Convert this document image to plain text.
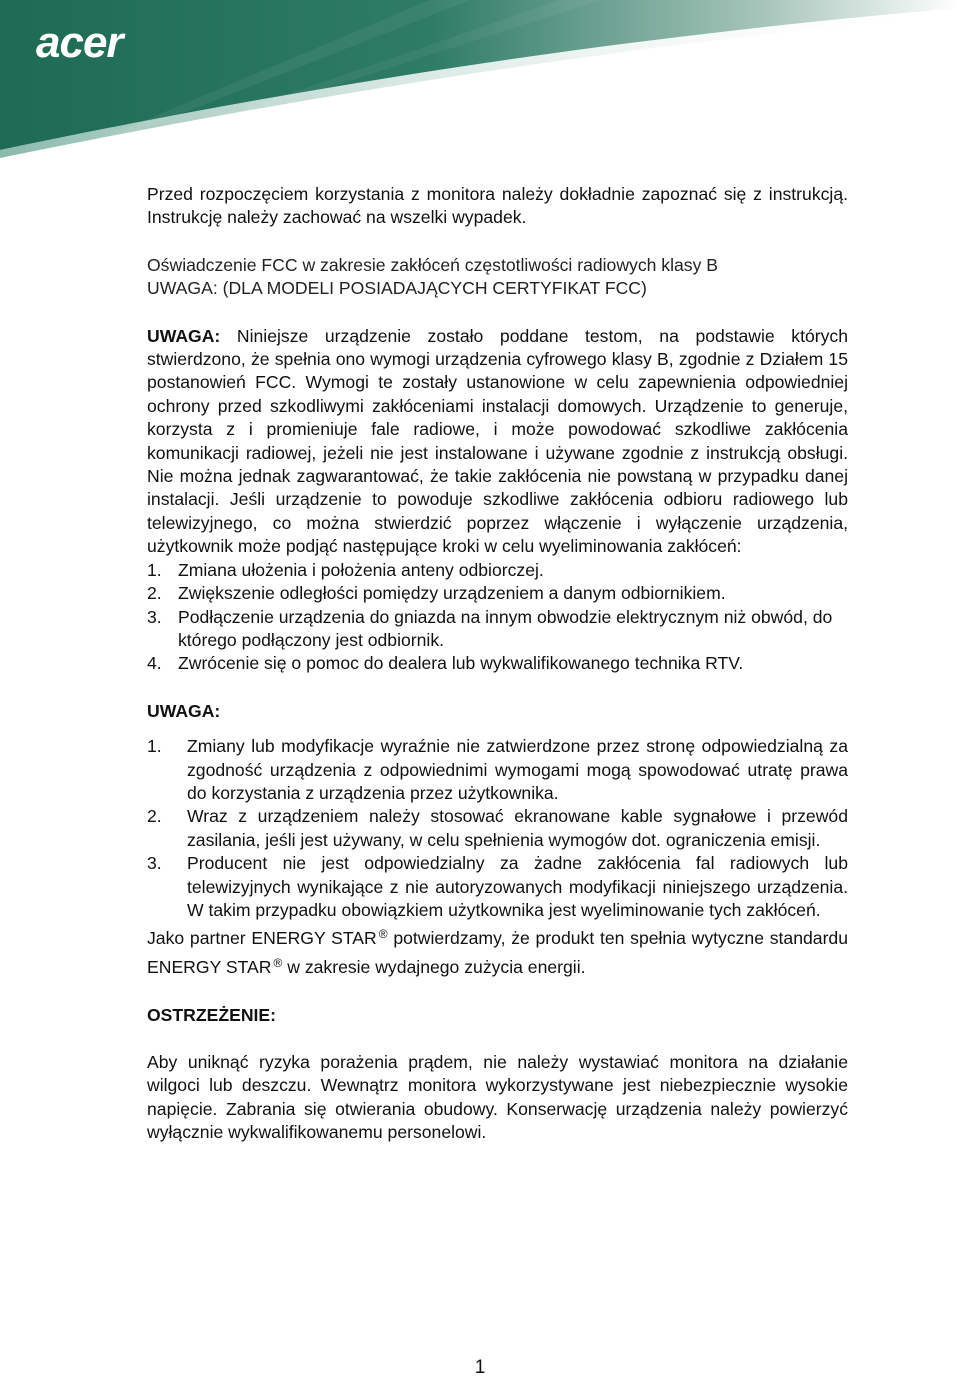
acer

Przed rozpoczęciem korzystania z monitora należy dokładnie zapoznać się z instrukcją. Instrukcję należy zachować na wszelki wypadek.

Oświadczenie FCC w zakresie zakłóceń częstotliwości radiowych klasy B

UWAGA: (DLA MODELI POSIADAJĄCYCH CERTYFIKAT FCC)

UWAGA: Niniejsze urządzenie zostało poddane testom, na podstawie których stwierdzono, że spełnia ono wymogi urządzenia cyfrowego klasy B, zgodnie z Działem 15 postanowień FCC. Wymogi te zostały ustanowione w celu zapewnienia odpowiedniej ochrony przed szkodliwymi zakłóceniami instalacji domowych. Urządzenie to generuje, korzysta z i promieniuje fale radiowe, i może powodować szkodliwe zakłócenia komunikacji radiowej, jeżeli nie jest instalowane i używane zgodnie z instrukcją obsługi. Nie można jednak zagwarantować, że takie zakłócenia nie powstaną w przypadku danej instalacji. Jeśli urządzenie to powoduje szkodliwe zakłócenia odbioru radiowego lub telewizyjnego, co można stwierdzić poprzez włączenie i wyłączenie urządzenia, użytkownik może podjąć następujące kroki w celu wyeliminowania zakłóceń:

1. Zmiana ułożenia i położenia anteny odbiorczej.
2. Zwiększenie odległości pomiędzy urządzeniem a danym odbiornikiem.
3. Podłączenie urządzenia do gniazda na innym obwodzie elektrycznym niż obwód, do którego podłączony jest odbiornik.
4. Zwrócenie się o pomoc do dealera lub wykwalifikowanego technika RTV.

UWAGA:

1. Zmiany lub modyfikacje wyraźnie nie zatwierdzone przez stronę odpowiedzialną za zgodność urządzenia z odpowiednimi wymogami mogą spowodować utratę prawa do korzystania z urządzenia przez użytkownika.
2. Wraz z urządzeniem należy stosować ekranowane kable sygnałowe i przewód zasilania, jeśli jest używany, w celu spełnienia wymogów dot. ograniczenia emisji.
3. Producent nie jest odpowiedzialny za żadne zakłócenia fal radiowych lub telewizyjnych wynikające z nie autoryzowanych modyfikacji niniejszego urządzenia. W takim przypadku obowiązkiem użytkownika jest wyeliminowanie tych zakłóceń.

Jako partner ENERGY STAR ® potwierdzamy, że produkt ten spełnia wytyczne standardu ENERGY STAR ® w zakresie wydajnego zużycia energii.

OSTRZEŻENIE:

Aby uniknąć ryzyka porażenia prądem, nie należy wystawiać monitora na działanie wilgoci lub deszczu. Wewnątrz monitora wykorzystywane jest niebezpiecznie wysokie napięcie. Zabrania się otwierania obudowy. Konserwację urządzenia należy powierzyć wyłącznie wykwalifikowanemu personelowi.

1
